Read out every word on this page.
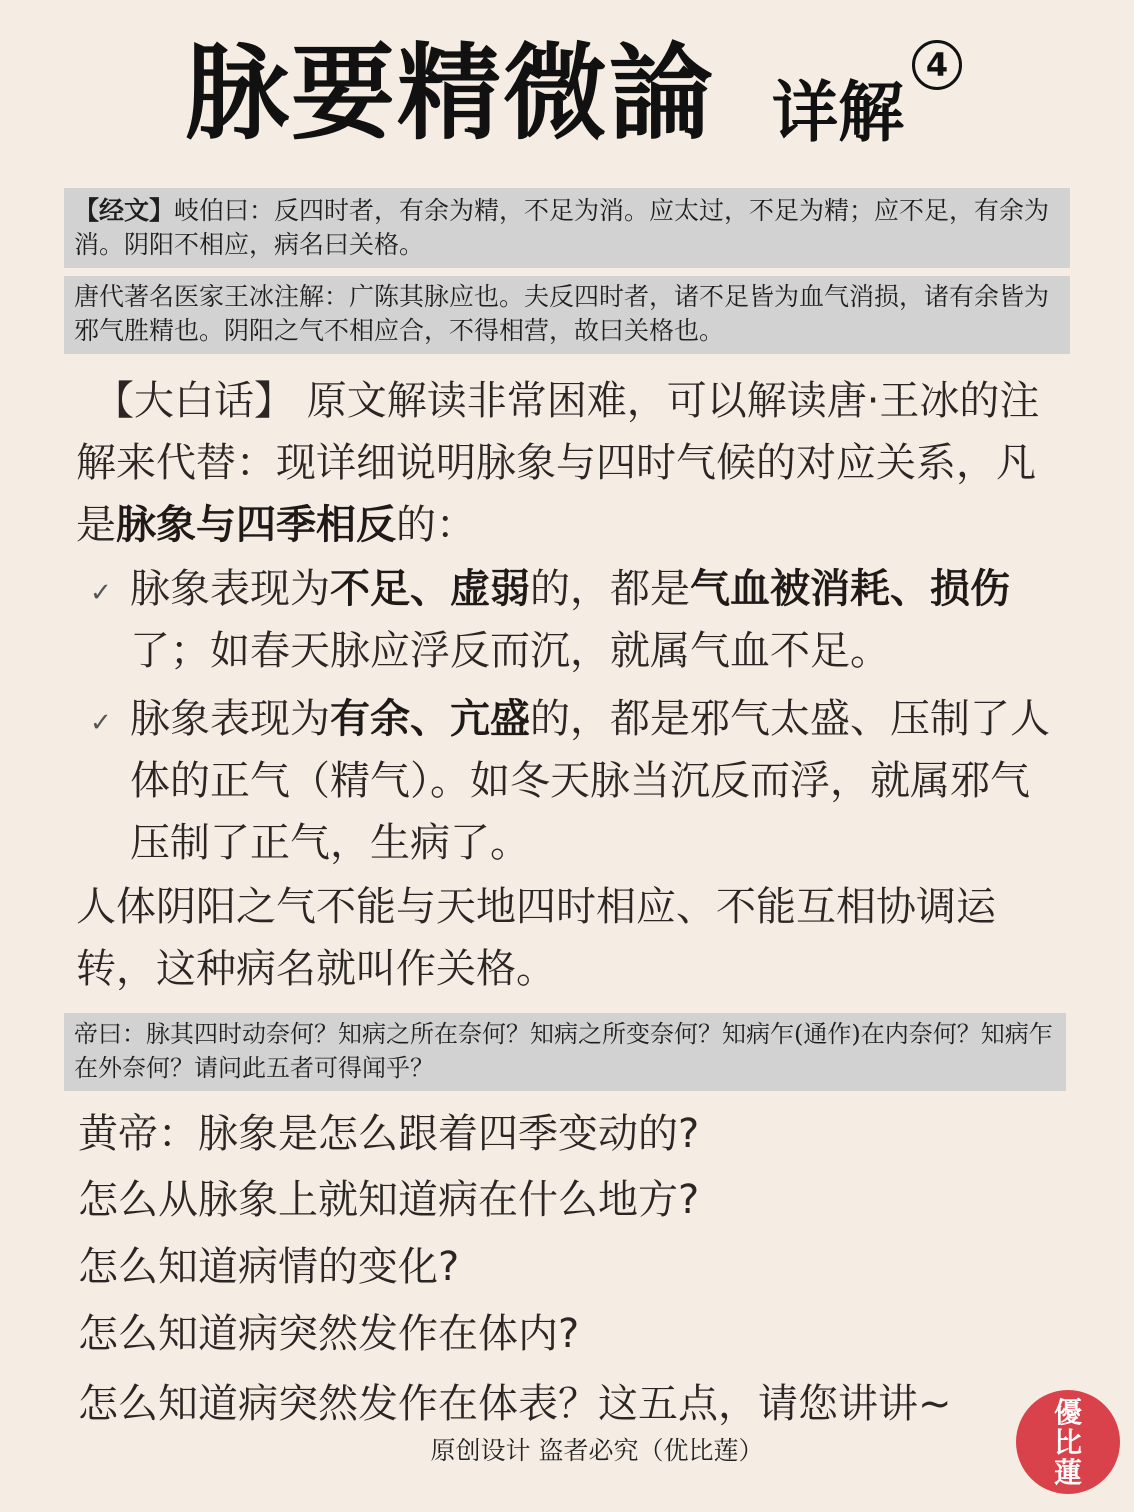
脉要精微論 详解
4
【经文】岐伯曰：反四时者，有余为精，不足为消。应太过，不足为精；应不足，有余为消。阴阳不相应，病名曰关格。
唐代著名医家王冰注解：广陈其脉应也。夫反四时者，诸不足皆为血气消损，诸有余皆为邪气胜精也。阴阳之气不相应合，不得相营，故曰关格也。
【大白话】 原文解读非常困难，可以解读唐·王冰的注解来代替：现详细说明脉象与四时气候的对应关系，凡是脉象与四季相反的：
✓ 脉象表现为不足、虚弱的，都是气血被消耗、损伤了；如春天脉应浮反而沉，就属气血不足。
✓ 脉象表现为有余、亢盛的，都是邪气太盛、压制了人体的正气（精气）。如冬天脉当沉反而浮，就属邪气压制了正气，生病了。
人体阴阳之气不能与天地四时相应、不能互相协调运转，这种病名就叫作关格。
帝曰：脉其四时动奈何？知病之所在奈何？知病之所变奈何？知病乍(通作)在内奈何？知病乍在外奈何？请问此五者可得闻乎？
黄帝：脉象是怎么跟着四季变动的?
怎么从脉象上就知道病在什么地方?
怎么知道病情的变化?
怎么知道病突然发作在体内?
怎么知道病突然发作在体表？这五点，请您讲讲~
原创设计 盗者必究（优比莲）
優
比
蓮
